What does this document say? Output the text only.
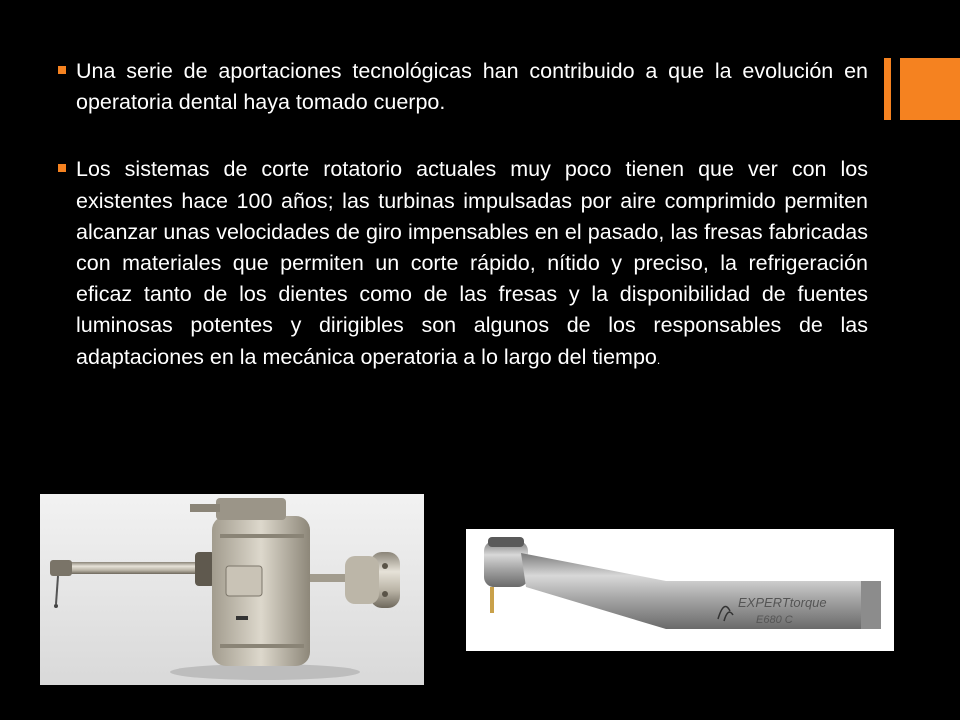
Una serie de aportaciones tecnológicas han contribuido a que la evolución en operatoria dental haya tomado cuerpo.
Los sistemas de corte rotatorio actuales muy poco tienen que ver con los existentes hace 100 años; las turbinas impulsadas por aire comprimido permiten alcanzar unas velocidades de giro impensables en el pasado, las fresas fabricadas con materiales que permiten un corte rápido, nítido y preciso, la refrigeración eficaz tanto de los dientes como de las fresas y la disponibilidad de fuentes luminosas potentes y dirigibles son algunos de los responsables de las adaptaciones en la mecánica operatoria a lo largo del tiempo.
EXPERTtorque
E680 C
